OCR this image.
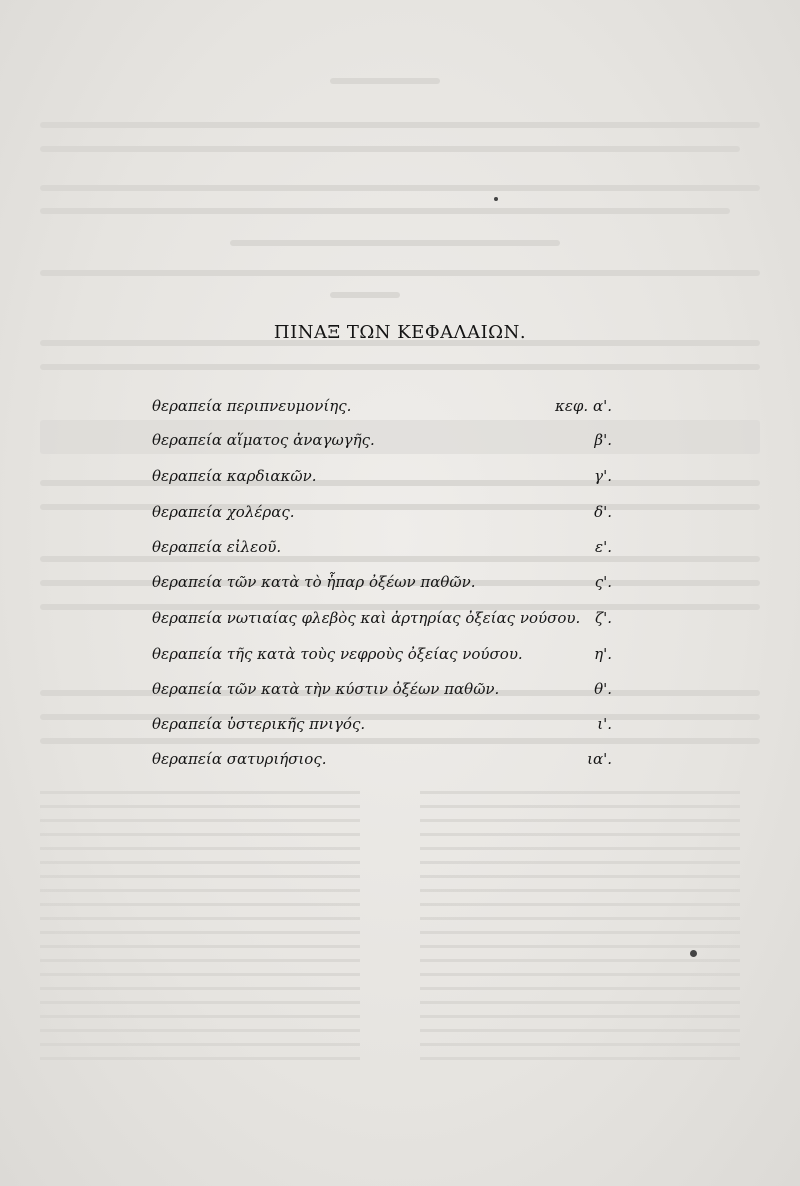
ΠΙΝΑΞ ΤΩΝ ΚΕΦΑΛΑΙΩΝ.
θεραπεία περιπνευμονίης.	κεφ. α'.
θεραπεία αἵματος ἀναγωγῆς.	β'.
θεραπεία καρδιακῶν.	γ'.
θεραπεία χολέρας.	δ'.
θεραπεία εἰλεοῦ.	ε'.
θεραπεία τῶν κατὰ τὸ ἧπαρ ὀξέων παθῶν.	ς'.
θεραπεία νωτιαίας φλεβὸς καὶ ἀρτηρίας ὀξείας νούσου. ζ'.
θεραπεία τῆς κατὰ τοὺς νεφροὺς ὀξείας νούσου.	η'.
θεραπεία τῶν κατὰ τὴν κύστιν ὀξέων παθῶν.	θ'.
θεραπεία ὑστερικῆς πνιγός.	ι'.
θεραπεία σατυριήσιος.	ια'.
